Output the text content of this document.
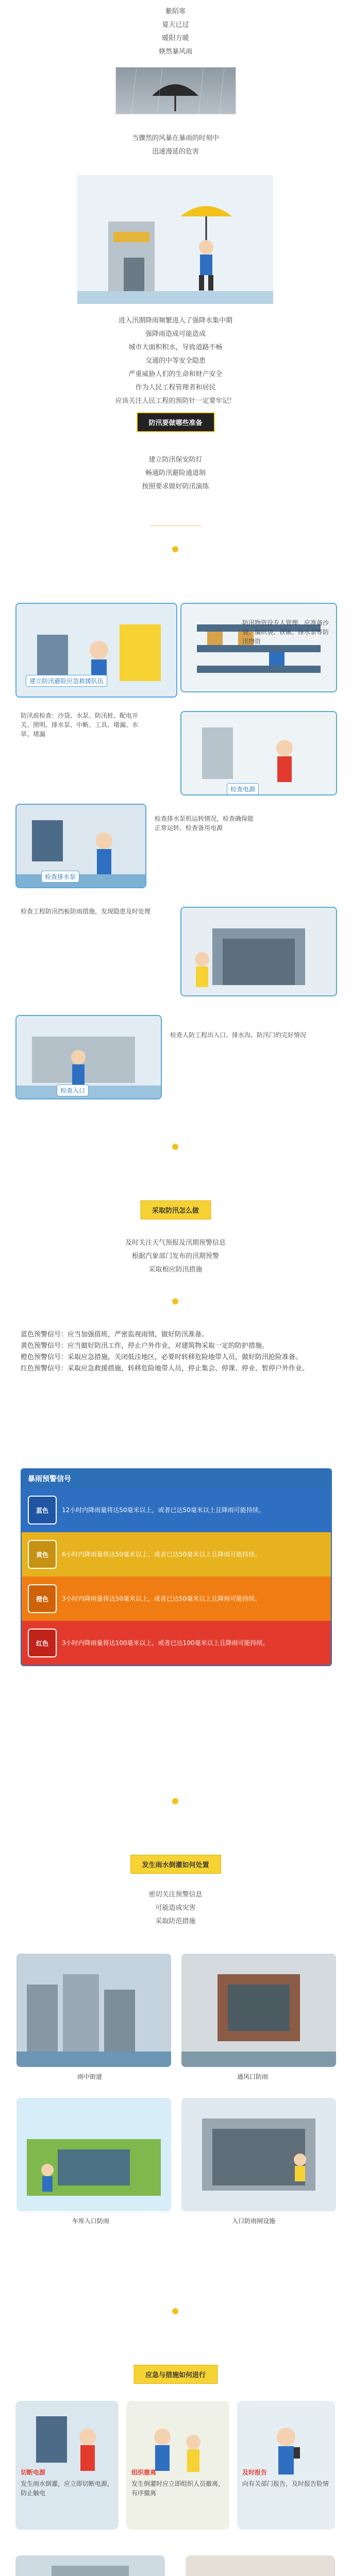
紫陌寒

夏天已过

暖阳方暖

倏然暴风雨

当骤然的风暴在暴雨的时刻中

迅速漫延的危害

进入汛期降雨频繁进入了强降水集中期

强降雨造成可能造成

城市大面积积水，导致道路不畅

交通的中等安全隐患

严重威胁人们的生命和财产安全

作为人民工程管理者和居民

应该关注人民工程的预防针一定要牢记！

防汛要做哪些准备

建立防汛保安防灯

畅通防汛避险通道制

按照要求做好防汛演练

建立防汛避险应急救援队伍
防汛物资设专人管理，应准备沙袋、编织袋、铁锹、排水泵等防汛物资
防汛前检查：沙袋、水泵、防汛桩、配电开关、照明、排水泵、中断、工具、堵漏、水草、堵漏
检查排水泵
检查排水泵机运转情况，检查确保能正常运转、检查备用电源
检查电源
检查工程防汛挡板防雨措施，发现隐患及时处理
检查入口
检查人防工程出入口、排水沟、防汛门的完好情况
采取防汛怎么做

及时关注天气预报及汛期预警信息

根据汽象部门发布的汛期预警

采取相应防汛措施

蓝色预警信号：应当加强值班，严密监视雨情，做好防汛准备。
黄色预警信号：应当做好防汛工作，停止户外作业，对建筑物采取一定的防护措施。
橙色预警信号：采取应急措施，关闭低洼地区，必要时转移危险地带人员，做好防汛抢险准备。
红色预警信号：采取应急救援措施，转移危险地带人员，停止集会、停课、停业、暂停户外作业。
暴雨预警信号
蓝色	12小时内降雨量将达50毫米以上，或者已达50毫米以上且降雨可能持续。
黄色	6小时内降雨量将达50毫米以上，或者已达50毫米以上且降雨可能持续。
橙色	3小时内降雨量将达50毫米以上，或者已达50毫米以上且降雨可能持续。
红色	3小时内降雨量将达100毫米以上，或者已达100毫米以上且降雨可能持续。
发生雨水倒灌如何处置

密切关注预警信息

可能造成灾害

采取防范措施

雨中街道	通风口防雨
车库入口防雨	入口防雨闸设施
应急与措施如何进行
切断电源
发生雨水倒灌，应立即切断电源，防止触电
组织撤离
发生倒灌时应立即组织人员撤离，有序撤离
及时报告
向有关部门报告，及时报告险情
